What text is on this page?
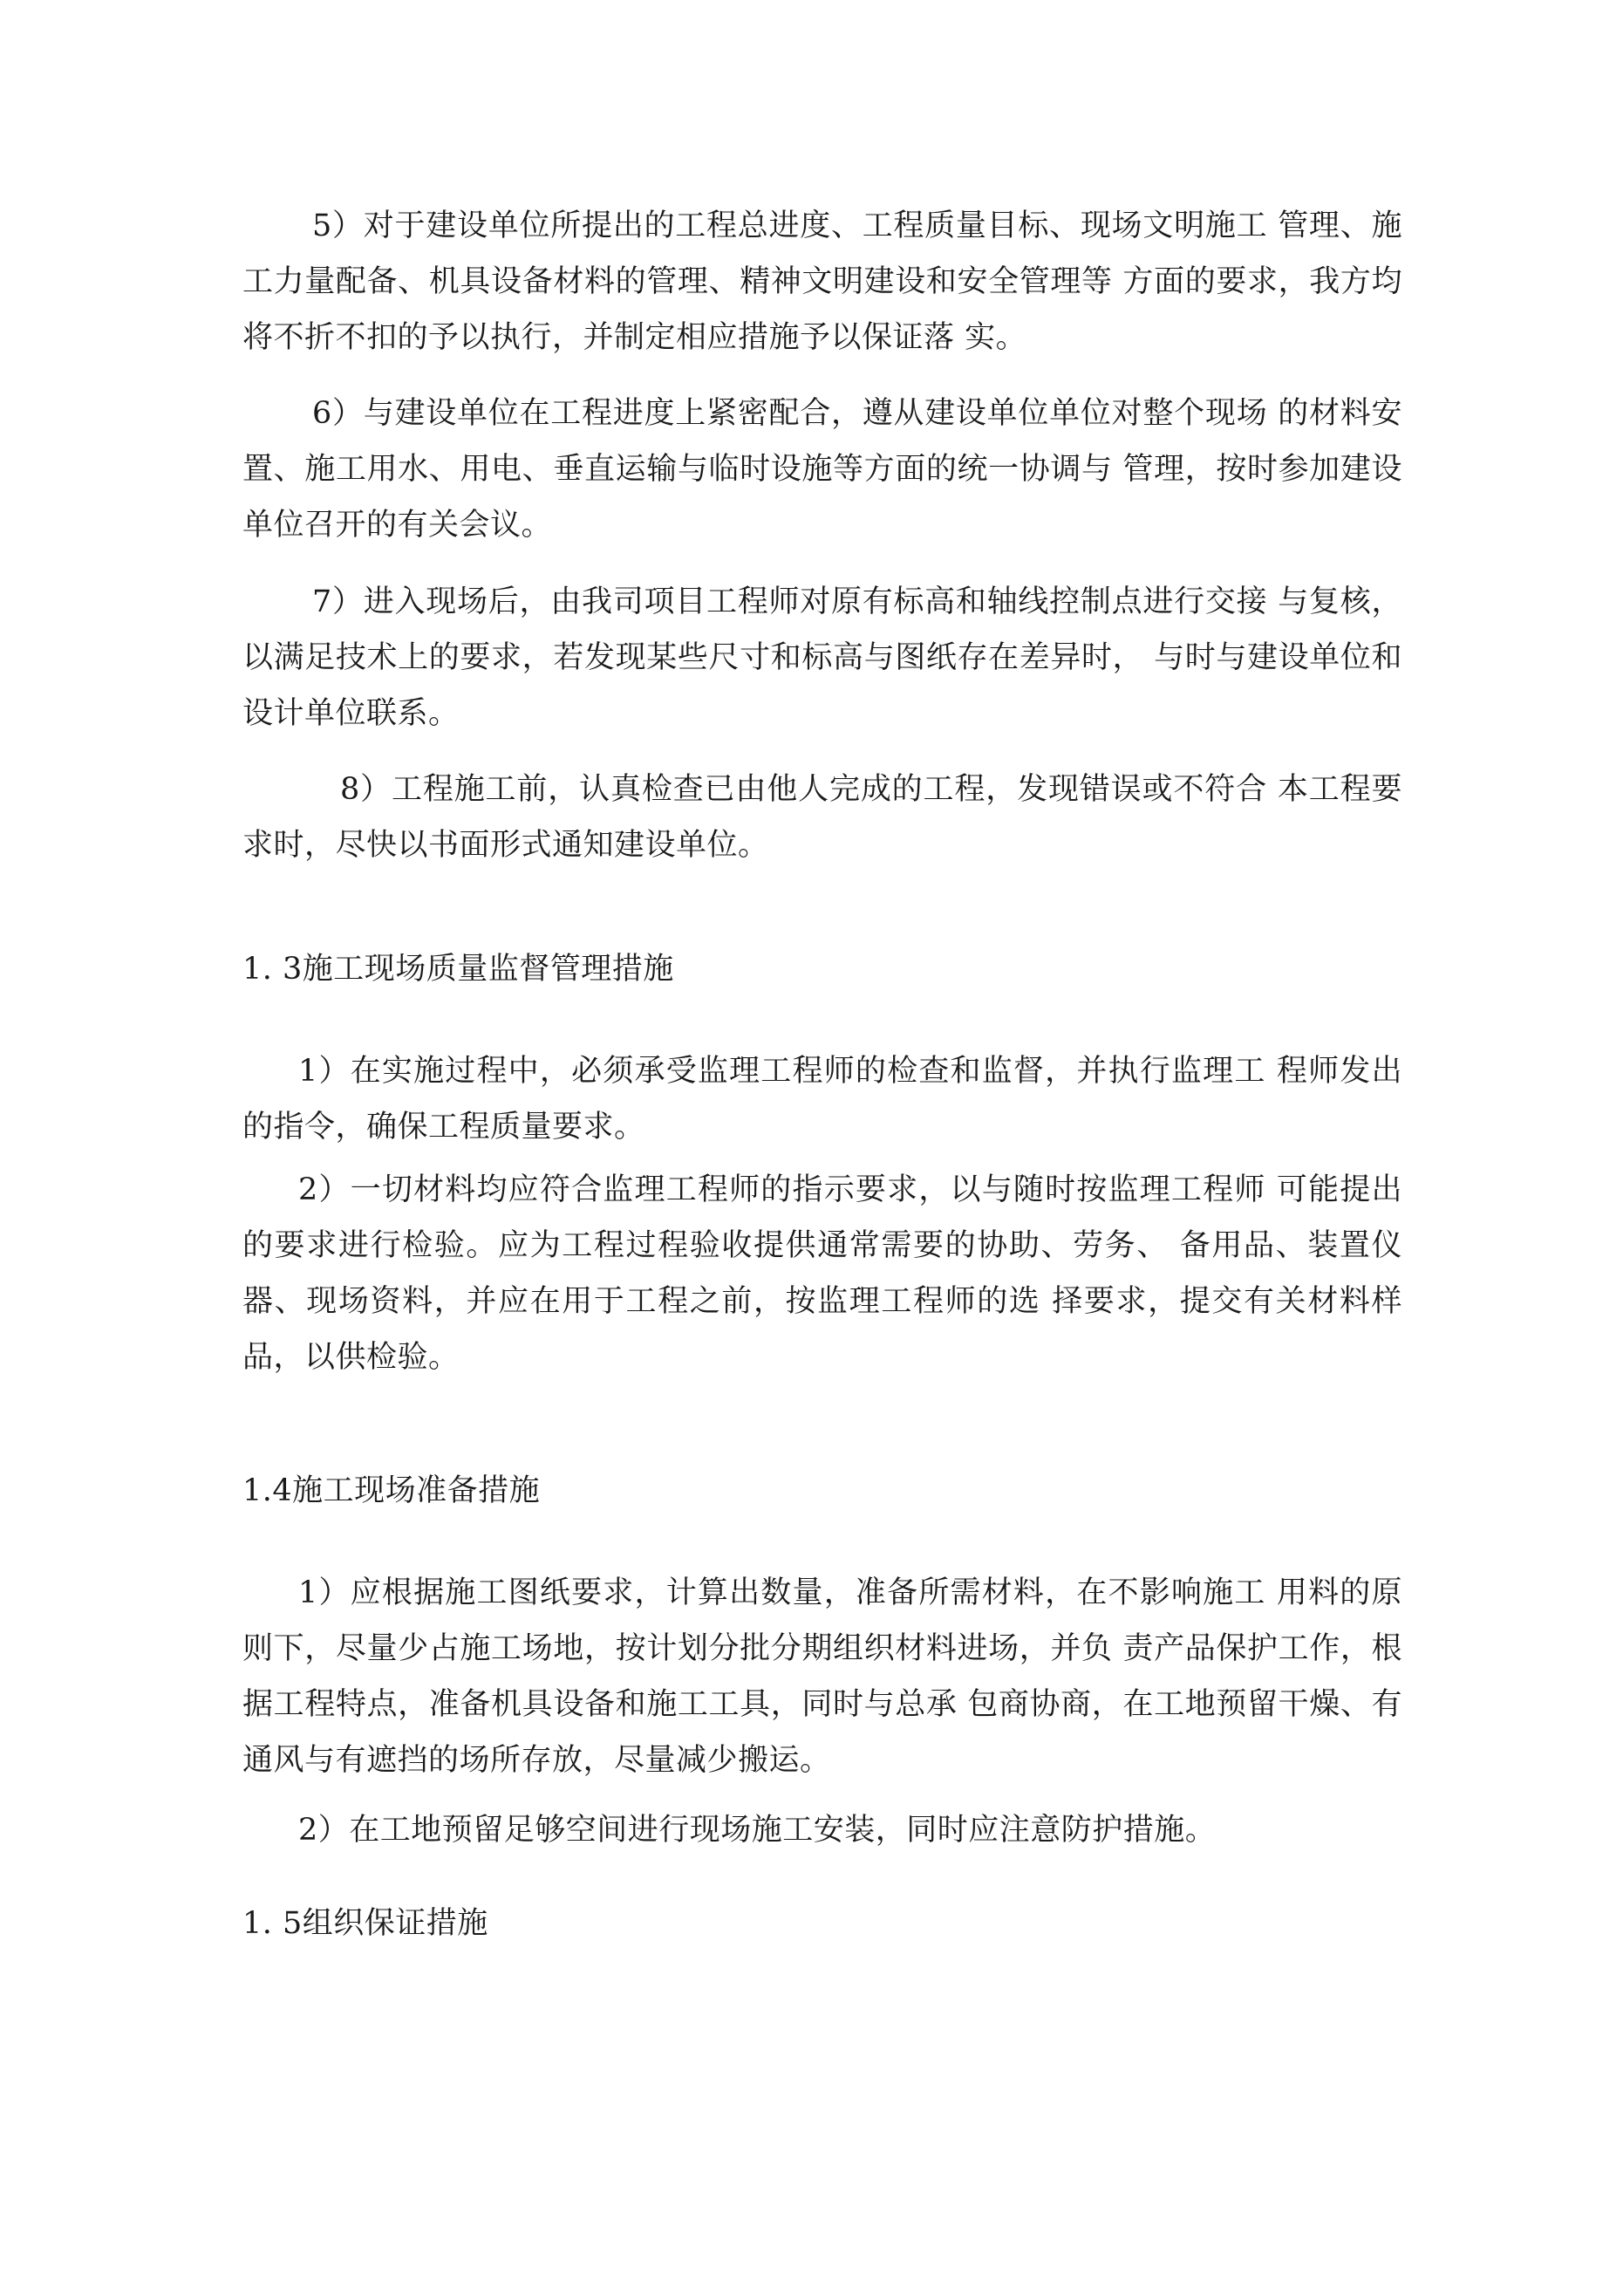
5）对于建设单位所提出的工程总进度、工程质量目标、现场文明施工 管理、施工力量配备、机具设备材料的管理、精神文明建设和安全管理等 方面的要求，我方均将不折不扣的予以执行，并制定相应措施予以保证落 实。

6）与建设单位在工程进度上紧密配合，遵从建设单位单位对整个现场 的材料安置、施工用水、用电、垂直运输与临时设施等方面的统一协调与 管理，按时参加建设单位召开的有关会议。

7）进入现场后，由我司项目工程师对原有标高和轴线控制点进行交接 与复核，以满足技术上的要求，若发现某些尺寸和标高与图纸存在差异时， 与时与建设单位和设计单位联系。

8）工程施工前，认真检查已由他人完成的工程，发现错误或不符合 本工程要求时，尽快以书面形式通知建设单位。

1. 3施工现场质量监督管理措施

1）在实施过程中，必须承受监理工程师的检查和监督，并执行监理工 程师发出的指令，确保工程质量要求。

2）一切材料均应符合监理工程师的指示要求，以与随时按监理工程师 可能提出的要求进行检验。应为工程过程验收提供通常需要的协助、劳务、 备用品、装置仪器、现场资料，并应在用于工程之前，按监理工程师的选 择要求，提交有关材料样品，以供检验。

1.4施工现场准备措施

1）应根据施工图纸要求，计算出数量，准备所需材料，在不影响施工 用料的原则下，尽量少占施工场地，按计划分批分期组织材料进场，并负 责产品保护工作，根据工程特点，准备机具设备和施工工具，同时与总承 包商协商，在工地预留干燥、有通风与有遮挡的场所存放，尽量减少搬运。

2）在工地预留足够空间进行现场施工安装，同时应注意防护措施。

1. 5组织保证措施
